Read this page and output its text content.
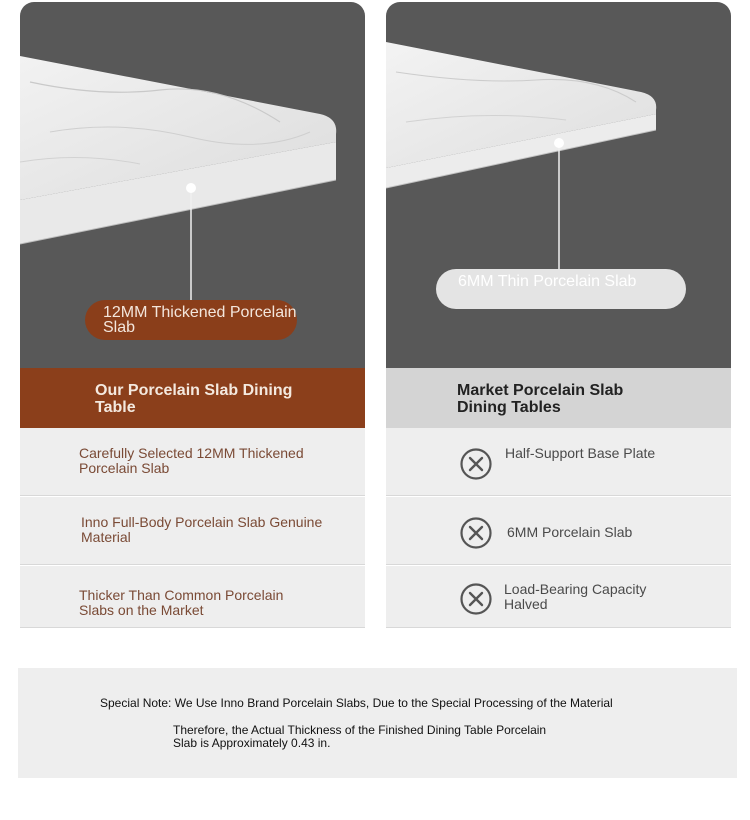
12MM Thickened Porcelain Slab
Our Porcelain Slab Dining Table
Carefully Selected 12MM Thickened Porcelain Slab
Inno Full-Body Porcelain Slab Genuine Material
Thicker Than Common Porcelain Slabs on the Market
6MM Thin Porcelain Slab
Market Porcelain Slab Dining Tables
Half-Support Base Plate
6MM Porcelain Slab
Load-Bearing Capacity Halved
Special Note: We Use Inno Brand Porcelain Slabs, Due to the Special Processing of the Material
Therefore, the Actual Thickness of the Finished Dining Table Porcelain Slab is Approximately 0.43 in.
